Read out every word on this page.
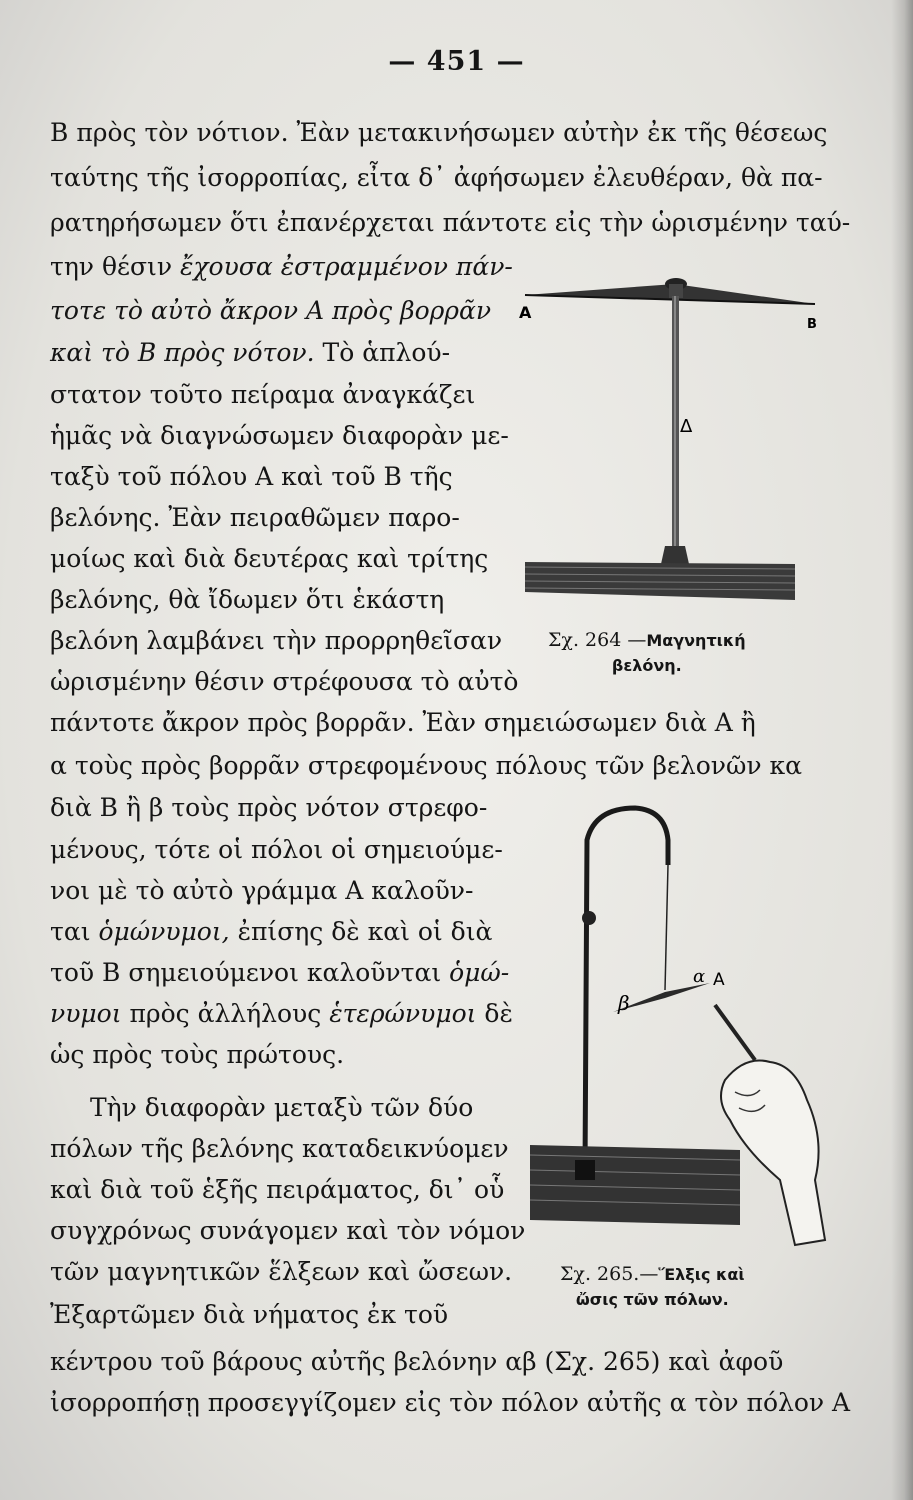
— 451 —
Β πρὸς τὸν νότιον. Ἐὰν μετακινήσωμεν αὐτὴν ἐκ τῆς θέσεως
ταύτης τῆς ἰσορροπίας, εἶτα δ᾽ ἀφήσωμεν ἐλευθέραν, θὰ πα-
ρατηρήσωμεν ὅτι ἐπανέρχεται πάντοτε εἰς τὴν ὡρισμένην ταύ-
την θέσιν ἔχουσα ἐστραμμένον πάν-
τοτε τὸ αὐτὸ ἄκρον Α πρὸς βορρᾶν
καὶ τὸ Β πρὸς νότον. Τὸ ἁπλού-
στατον τοῦτο πείραμα ἀναγκάζει
ἡμᾶς νὰ διαγνώσωμεν διαφορὰν με-
ταξὺ τοῦ πόλου Α καὶ τοῦ Β τῆς
βελόνης. Ἐὰν πειραθῶμεν παρο-
μοίως καὶ διὰ δευτέρας καὶ τρίτης
βελόνης, θὰ ἴδωμεν ὅτι ἑκάστη
βελόνη λαμβάνει τὴν προρρηθεῖσαν
ὡρισμένην θέσιν στρέφουσα τὸ αὐτὸ
πάντοτε ἄκρον πρὸς βορρᾶν. Ἐὰν σημειώσωμεν διὰ Α ἢ
α τοὺς πρὸς βορρᾶν στρεφομένους πόλους τῶν βελονῶν κα
διὰ Β ἢ β τοὺς πρὸς νότον στρεφο-
μένους, τότε οἱ πόλοι οἱ σημειούμε-
νοι μὲ τὸ αὐτὸ γράμμα Α καλοῦν-
ται ὁμώνυμοι, ἐπίσης δὲ καὶ οἱ διὰ
τοῦ Β σημειούμενοι καλοῦνται ὁμώ-
νυμοι πρὸς ἀλλήλους ἑτερώνυμοι δὲ
ὡς πρὸς τοὺς πρώτους.
Τὴν διαφορὰν μεταξὺ τῶν δύο
πόλων τῆς βελόνης καταδεικνύομεν
καὶ διὰ τοῦ ἑξῆς πειράματος, δι᾽ οὗ
συγχρόνως συνάγομεν καὶ τὸν νόμον
τῶν μαγνητικῶν ἕλξεων καὶ ὤσεων.
Ἐξαρτῶμεν διὰ νήματος ἐκ τοῦ
κέντρου τοῦ βάρους αὐτῆς βελόνην αβ (Σχ. 265) καὶ ἀφοῦ
ἰσορροπήσῃ προσεγγίζομεν εἰς τὸν πόλον αὐτῆς α τὸν πόλον Α
Α
Β
Δ
Σχ. 264 —Μαγνητική
βελόνη.
β
α Α
Σχ. 265.—Ἕλξις καὶ
ὤσις τῶν πόλων.
